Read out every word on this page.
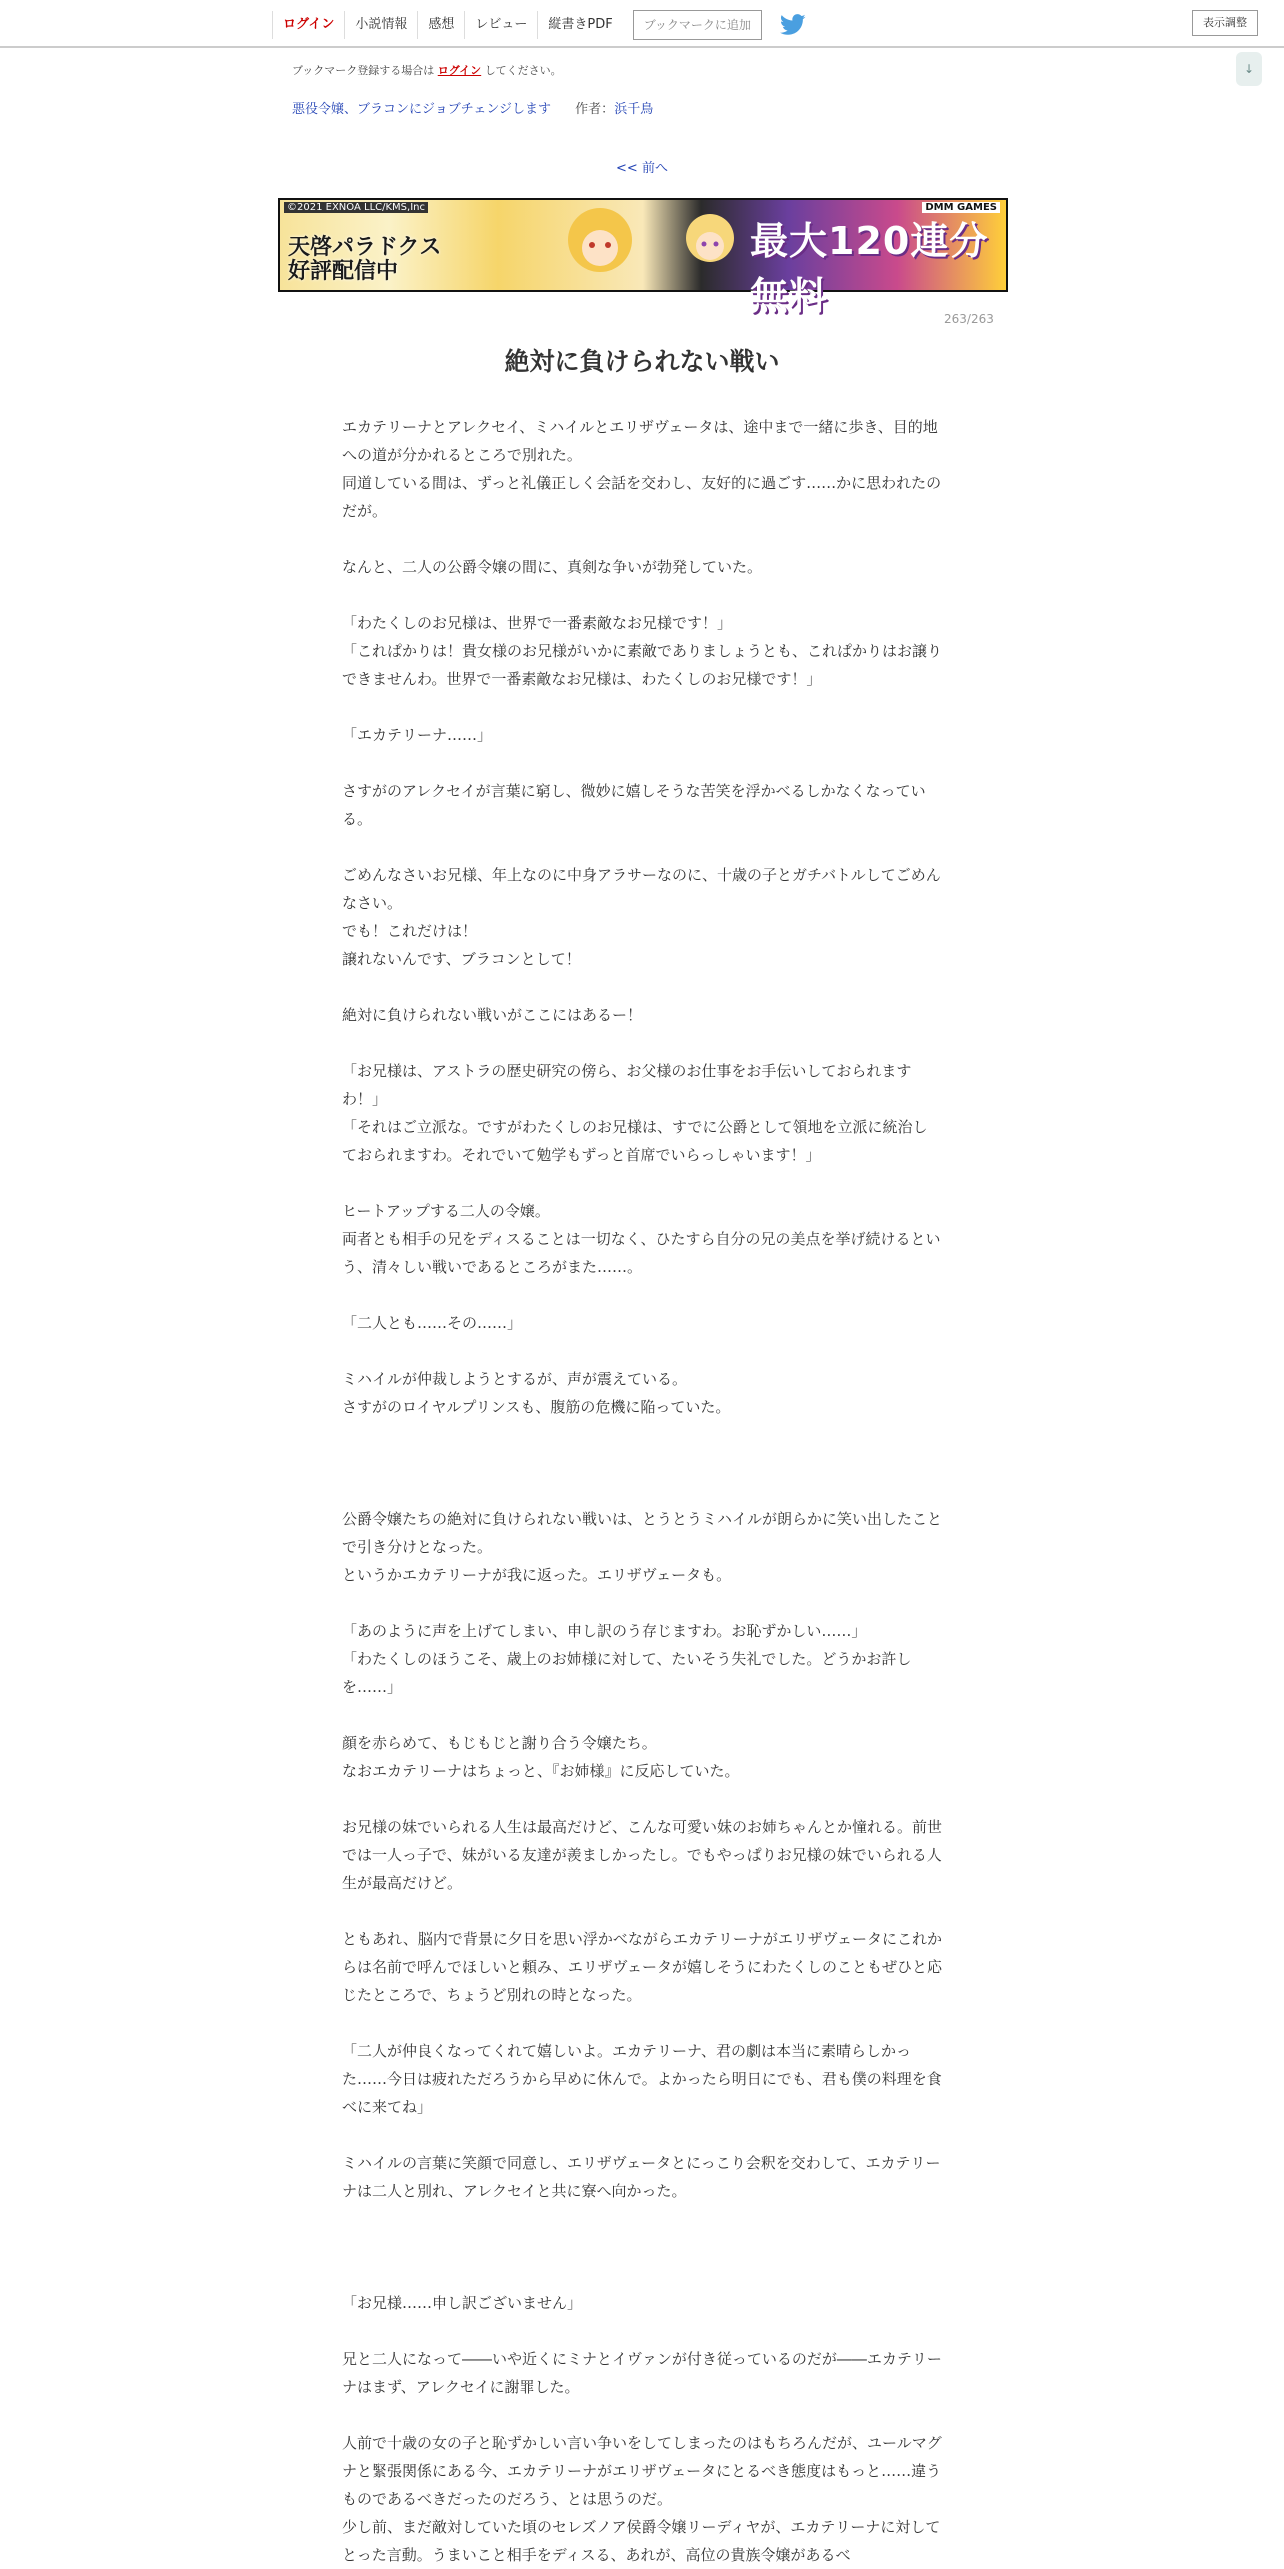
ログイン	小説情報	感想	レビュー	縦書きPDF	ブックマークに追加	表示調整
↓
ブックマーク登録する場合は ログイン してください。
悪役令嬢、ブラコンにジョブチェンジします 作者：浜千鳥
<< 前へ
©2021 EXNOA LLC/KMS,Inc
天啓パラドクス
好評配信中
最大120連分無料
DMM GAMES
263/263
絶対に負けられない戦い

エカテリーナとアレクセイ、ミハイルとエリザヴェータは、途中まで一緒に歩き、目的地への道が分かれるところで別れた。

同道している間は、ずっと礼儀正しく会話を交わし、友好的に過ごす……かに思われたのだが。

なんと、二人の公爵令嬢の間に、真剣な争いが勃発していた。

「わたくしのお兄様は、世界で一番素敵なお兄様です！」

「これぱかりは！貴女様のお兄様がいかに素敵でありましょうとも、これぱかりはお譲りできませんわ。世界で一番素敵なお兄様は、わたくしのお兄様です！」

「エカテリーナ……」

さすがのアレクセイが言葉に窮し、微妙に嬉しそうな苦笑を浮かべるしかなくなっている。

ごめんなさいお兄様、年上なのに中身アラサーなのに、十歳の子とガチバトルしてごめんなさい。

でも！これだけは！

譲れないんです、ブラコンとして！

絶対に負けられない戦いがここにはあるー！

「お兄様は、アストラの歴史研究の傍ら、お父様のお仕事をお手伝いしておられますわ！」

「それはご立派な。ですがわたくしのお兄様は、すでに公爵として領地を立派に統治しておられますわ。それでいて勉学もずっと首席でいらっしゃいます！」

ヒートアップする二人の令嬢。

両者とも相手の兄をディスることは一切なく、ひたすら自分の兄の美点を挙げ続けるという、清々しい戦いであるところがまた……。

「二人とも……その……」

ミハイルが仲裁しようとするが、声が震えている。

さすがのロイヤルプリンスも、腹筋の危機に陥っていた。

公爵令嬢たちの絶対に負けられない戦いは、とうとうミハイルが朗らかに笑い出したことで引き分けとなった。

というかエカテリーナが我に返った。エリザヴェータも。

「あのように声を上げてしまい、申し訳のう存じますわ。お恥ずかしい……」

「わたくしのほうこそ、歳上のお姉様に対して、たいそう失礼でした。どうかお許しを……」

顔を赤らめて、もじもじと謝り合う令嬢たち。

なおエカテリーナはちょっと、『お姉様』に反応していた。

お兄様の妹でいられる人生は最高だけど、こんな可愛い妹のお姉ちゃんとか憧れる。前世では一人っ子で、妹がいる友達が羨ましかったし。でもやっぱりお兄様の妹でいられる人生が最高だけど。

ともあれ、脳内で背景に夕日を思い浮かべながらエカテリーナがエリザヴェータにこれからは名前で呼んでほしいと頼み、エリザヴェータが嬉しそうにわたくしのこともぜひと応じたところで、ちょうど別れの時となった。

「二人が仲良くなってくれて嬉しいよ。エカテリーナ、君の劇は本当に素晴らしかった……今日は疲れただろうから早めに休んで。よかったら明日にでも、君も僕の料理を食べに来てね」

ミハイルの言葉に笑顔で同意し、エリザヴェータとにっこり会釈を交わして、エカテリーナは二人と別れ、アレクセイと共に寮へ向かった。

「お兄様……申し訳ございません」

兄と二人になって――いや近くにミナとイヴァンが付き従っているのだが――エカテリーナはまず、アレクセイに謝罪した。

人前で十歳の女の子と恥ずかしい言い争いをしてしまったのはもちろんだが、ユールマグナと緊張関係にある今、エカテリーナがエリザヴェータにとるべき態度はもっと……違うものであるべきだったのだろう、とは思うのだ。

少し前、まだ敵対していた頃のセレズノア侯爵令嬢リーディヤが、エカテリーナに対してとった言動。うまいこと相手をディスる、あれが、高位の貴族令嬢があるべ
